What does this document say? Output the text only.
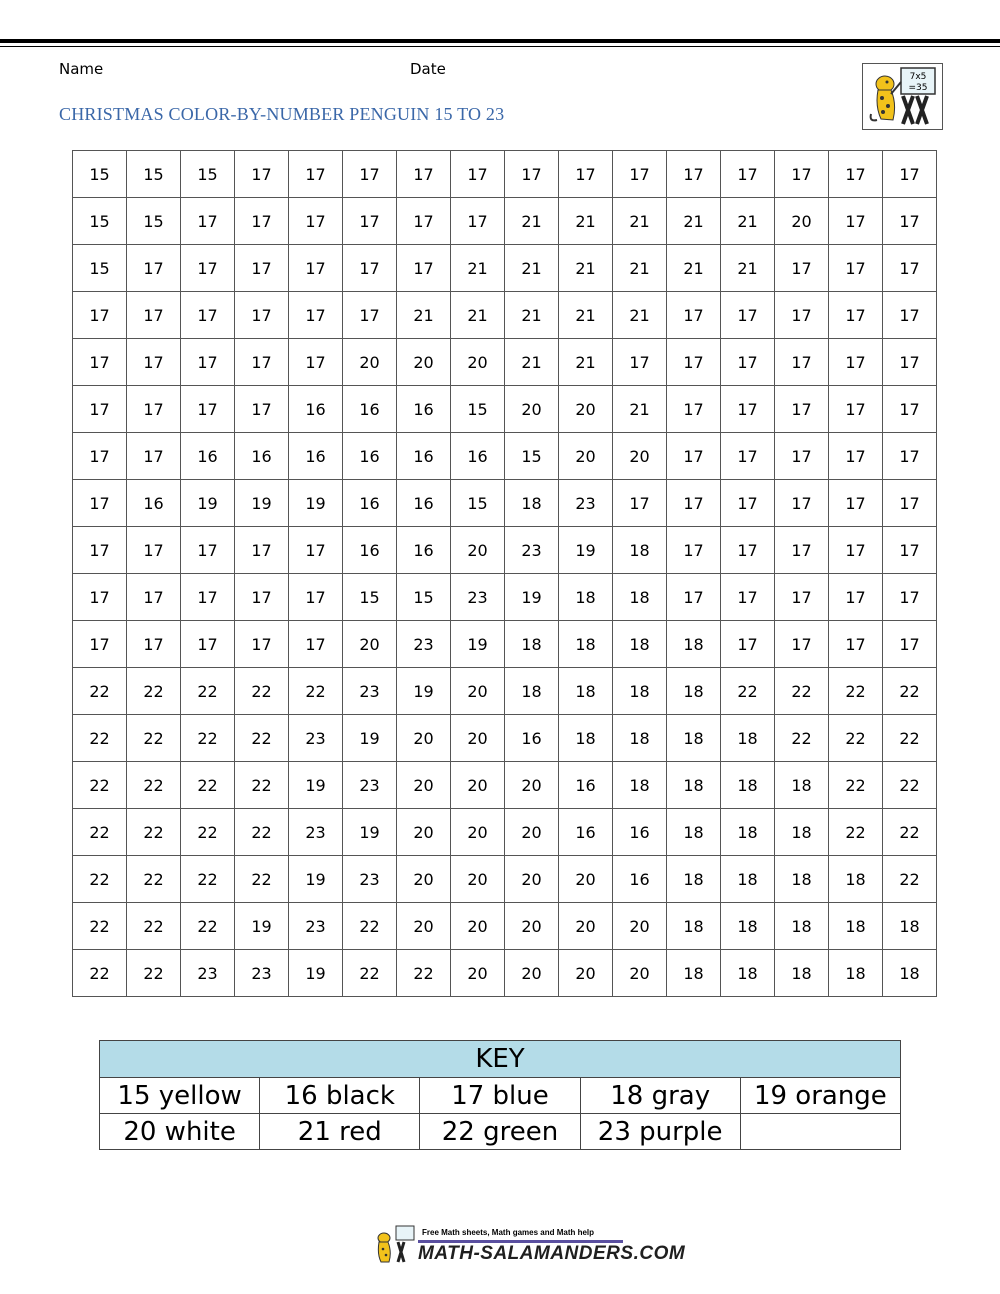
Name	Date
CHRISTMAS COLOR-BY-NUMBER PENGUIN 15 TO 23
7x5
=35
15	15	15	17	17	17	17	17	17	17	17	17	17	17	17	17
15	15	17	17	17	17	17	17	21	21	21	21	21	20	17	17
15	17	17	17	17	17	17	21	21	21	21	21	21	17	17	17
17	17	17	17	17	17	21	21	21	21	21	17	17	17	17	17
17	17	17	17	17	20	20	20	21	21	17	17	17	17	17	17
17	17	17	17	16	16	16	15	20	20	21	17	17	17	17	17
17	17	16	16	16	16	16	16	15	20	20	17	17	17	17	17
17	16	19	19	19	16	16	15	18	23	17	17	17	17	17	17
17	17	17	17	17	16	16	20	23	19	18	17	17	17	17	17
17	17	17	17	17	15	15	23	19	18	18	17	17	17	17	17
17	17	17	17	17	20	23	19	18	18	18	18	17	17	17	17
22	22	22	22	22	23	19	20	18	18	18	18	22	22	22	22
22	22	22	22	23	19	20	20	16	18	18	18	18	22	22	22
22	22	22	22	19	23	20	20	20	16	18	18	18	18	22	22
22	22	22	22	23	19	20	20	20	16	16	18	18	18	22	22
22	22	22	22	19	23	20	20	20	20	16	18	18	18	18	22
22	22	22	19	23	22	20	20	20	20	20	18	18	18	18	18
22	22	23	23	19	22	22	20	20	20	20	18	18	18	18	18
KEY				
15 yellow	16 black	17 blue	18 gray	19 orange
20 white	21 red	22 green	23 purple	
Free Math sheets, Math games and Math help
MATH-SALAMANDERS.COM
